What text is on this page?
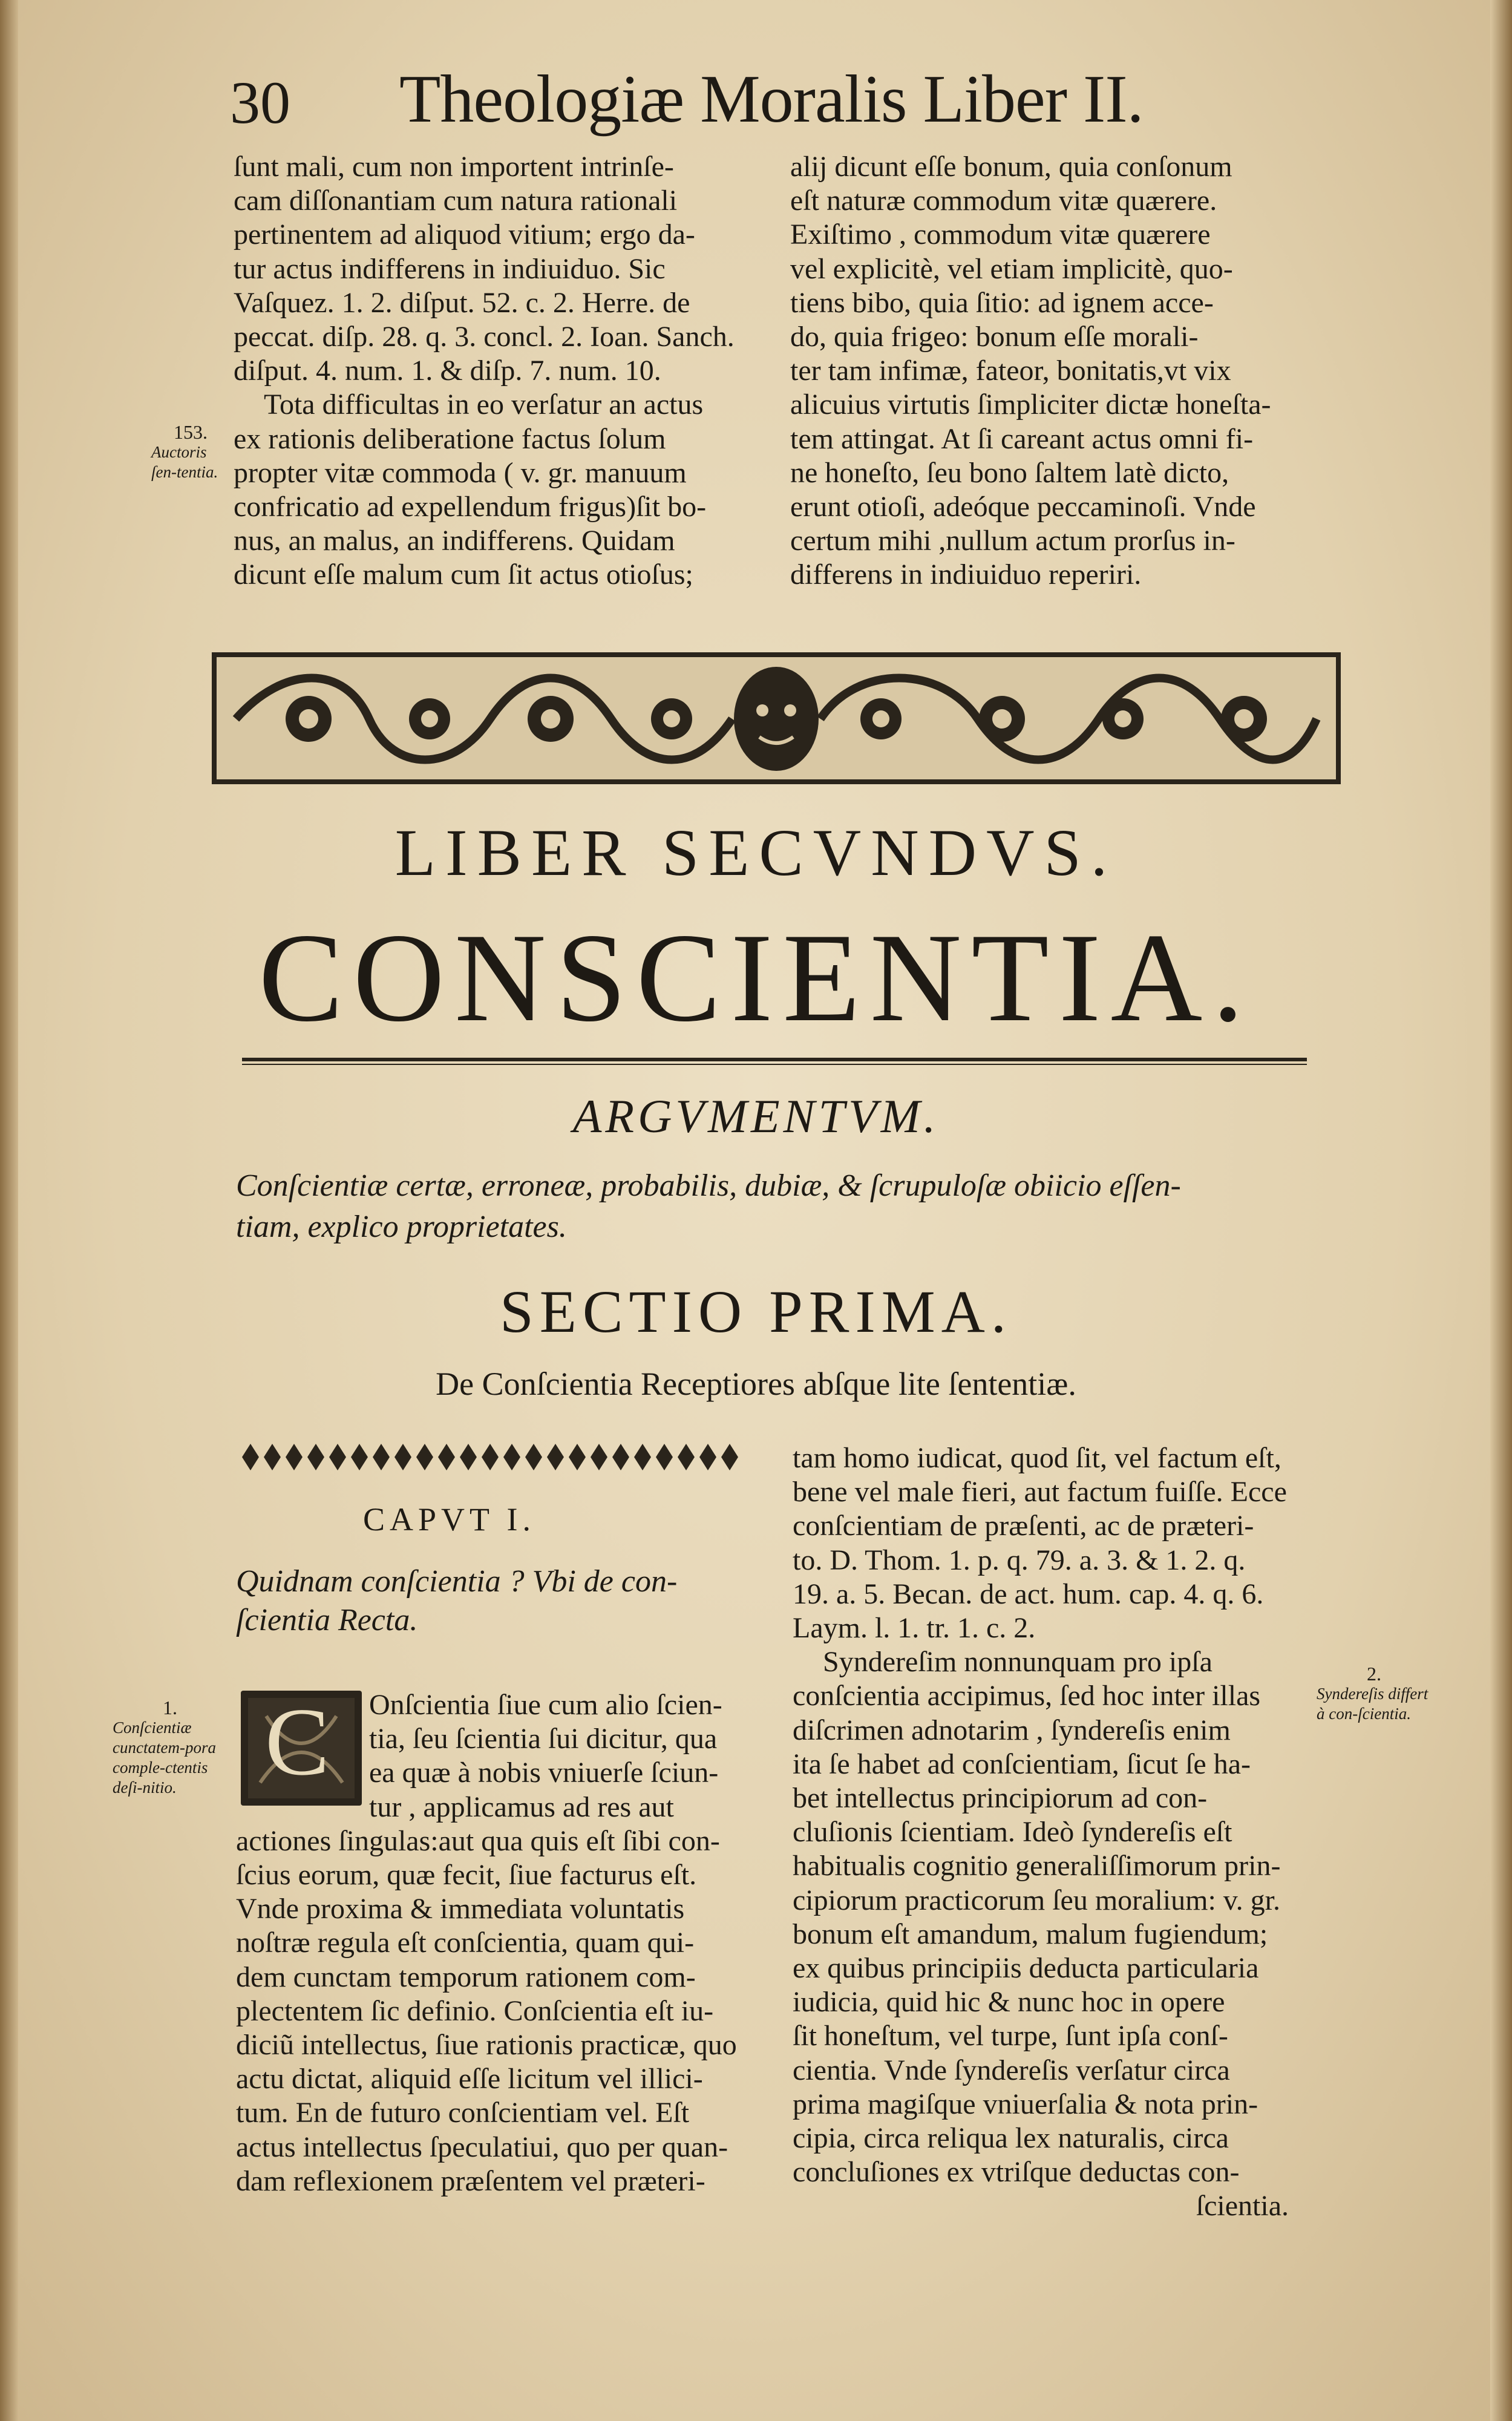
30 Theologiæ Moralis Liber II.
ſunt mali, cum non importent intrinſe-
cam diſſonantiam cum natura rationali
pertinentem ad aliquod vitium; ergo da-
tur actus indifferens in indiuiduo. Sic
Vaſquez. 1. 2. diſput. 52. c. 2. Herre. de
peccat. diſp. 28. q. 3. concl. 2. Ioan. Sanch.
diſput. 4. num. 1. & diſp. 7. num. 10.
Tota difficultas in eo verſatur an actus
ex rationis deliberatione factus ſolum
propter vitæ commoda ( v. gr. manuum
confricatio ad expellendum frigus)ſit bo-
nus, an malus, an indifferens. Quidam
dicunt eſſe malum cum ſit actus otioſus;
alij dicunt eſſe bonum, quia conſonum
eſt naturæ commodum vitæ quærere.
Exiſtimo , commodum vitæ quærere
vel explicitè, vel etiam implicitè, quo-
tiens bibo, quia ſitio: ad ignem acce-
do, quia frigeo: bonum eſſe morali-
ter tam infimæ, fateor, bonitatis,vt vix
alicuius virtutis ſimpliciter dictæ honeſta-
tem attingat. At ſi careant actus omni fi-
ne honeſto, ſeu bono ſaltem latè dicto,
erunt otioſi, adeóque peccaminoſi. Vnde
certum mihi ,nullum actum prorſus in-
differens in indiuiduo reperiri.
153.
Auctoris ſen-tentia.
LIBER SECVNDVS.
CONSCIENTIA.
ARGVMENTVM.
Conſcientiæ certæ, erroneæ, probabilis, dubiæ, & ſcrupuloſæ obiicio eſſen-
tiam, explico proprietates.
SECTIO PRIMA.
De Conſcientia Receptiores abſque lite ſententiæ.
CAPVT I.
Quidnam conſcientia ? Vbi de con-
ſcientia Recta.
1.
Conſcientiæ cunctatem-pora comple-ctentis deſi-nitio. C	Onſcientia ſiue cum alio ſcien-
tia, ſeu ſcientia ſui dicitur, qua
ea quæ à nobis vniuerſe ſciun-
tur , applicamus ad res aut
actiones ſingulas:aut qua quis eſt ſibi con-
ſcius eorum, quæ fecit, ſiue facturus eſt.
Vnde proxima & immediata voluntatis
noſtræ regula eſt conſcientia, quam qui-
dem cunctam temporum rationem com-
plectentem ſic definio. Conſcientia eſt iu-
diciũ intellectus, ſiue rationis practicæ, quo
actu dictat, aliquid eſſe licitum vel illici-
tum. En de futuro conſcientiam vel. Eſt
actus intellectus ſpeculatiui, quo per quan-
dam reflexionem præſentem vel præteri-
tam homo iudicat, quod ſit, vel factum eſt,
bene vel male fieri, aut factum fuiſſe. Ecce
conſcientiam de præſenti, ac de præteri-
to. D. Thom. 1. p. q. 79. a. 3. & 1. 2. q.
19. a. 5. Becan. de act. hum. cap. 4. q. 6.
Laym. l. 1. tr. 1. c. 2.
Syndereſim nonnunquam pro ipſa
conſcientia accipimus, ſed hoc inter illas
diſcrimen adnotarim , ſyndereſis enim
ita ſe habet ad conſcientiam, ſicut ſe ha-
bet intellectus principiorum ad con-
cluſionis ſcientiam. Ideò ſyndereſis eſt
habitualis cognitio generaliſſimorum prin-
cipiorum practicorum ſeu moralium: v. gr.
bonum eſt amandum, malum fugiendum;
ex quibus principiis deducta particularia
iudicia, quid hic & nunc hoc in opere
ſit honeſtum, vel turpe, ſunt ipſa conſ-
cientia. Vnde ſyndereſis verſatur circa
prima magiſque vniuerſalia & nota prin-
cipia, circa reliqua lex naturalis, circa
concluſiones ex vtriſque deductas con-
ſcientia.
2.
Syndereſis differt à con-ſcientia.
